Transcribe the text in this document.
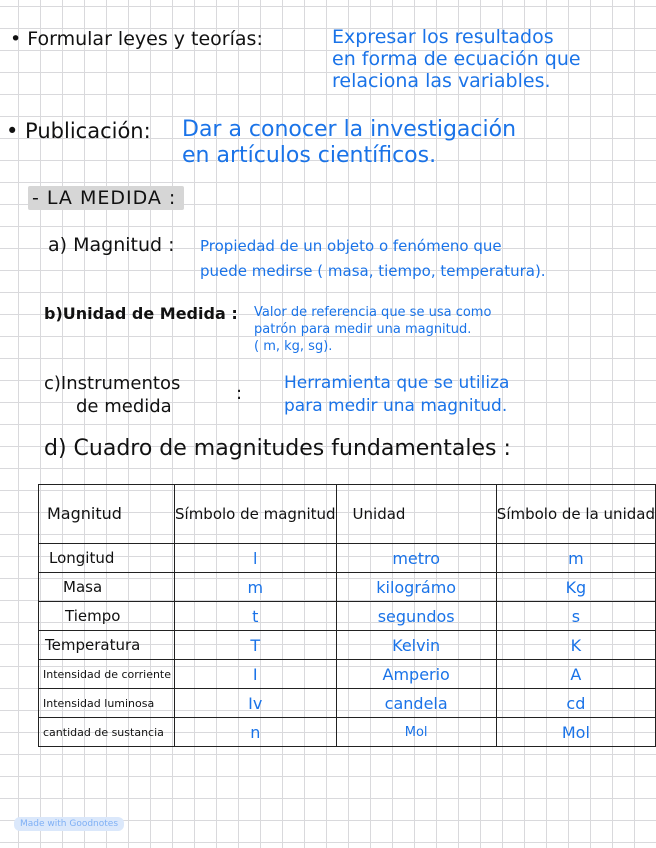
• Formular leyes y teorías:	Expresar los resultados
en forma de ecuación que
relaciona las variables.
• Publicación: Dar a conocer la investigación
en artículos científicos.
- LA MEDIDA :
a) Magnitud : Propiedad de un objeto o fenómeno que
puede medirse ( masa, tiempo, temperatura).
b)Unidad de Medida : Valor de referencia que se usa como
patrón para medir una magnitud.
( m, kg, sg).
c)Instrumentos
de medida
: Herramienta que se utiliza
para medir una magnitud.
d) Cuadro de magnitudes fundamentales :
Magnitud	Símbolo de magnitud	Unidad	Símbolo de la unidad
Longitud	l	metro	m
Masa	m	kilográmo	Kg
Tiempo	t	segundos	s
Temperatura	T	Kelvin	K
Intensidad de corriente	I	Amperio	A
Intensidad luminosa	Iv	candela	cd
cantidad de sustancia	n	Mol	Mol
Made with Goodnotes
